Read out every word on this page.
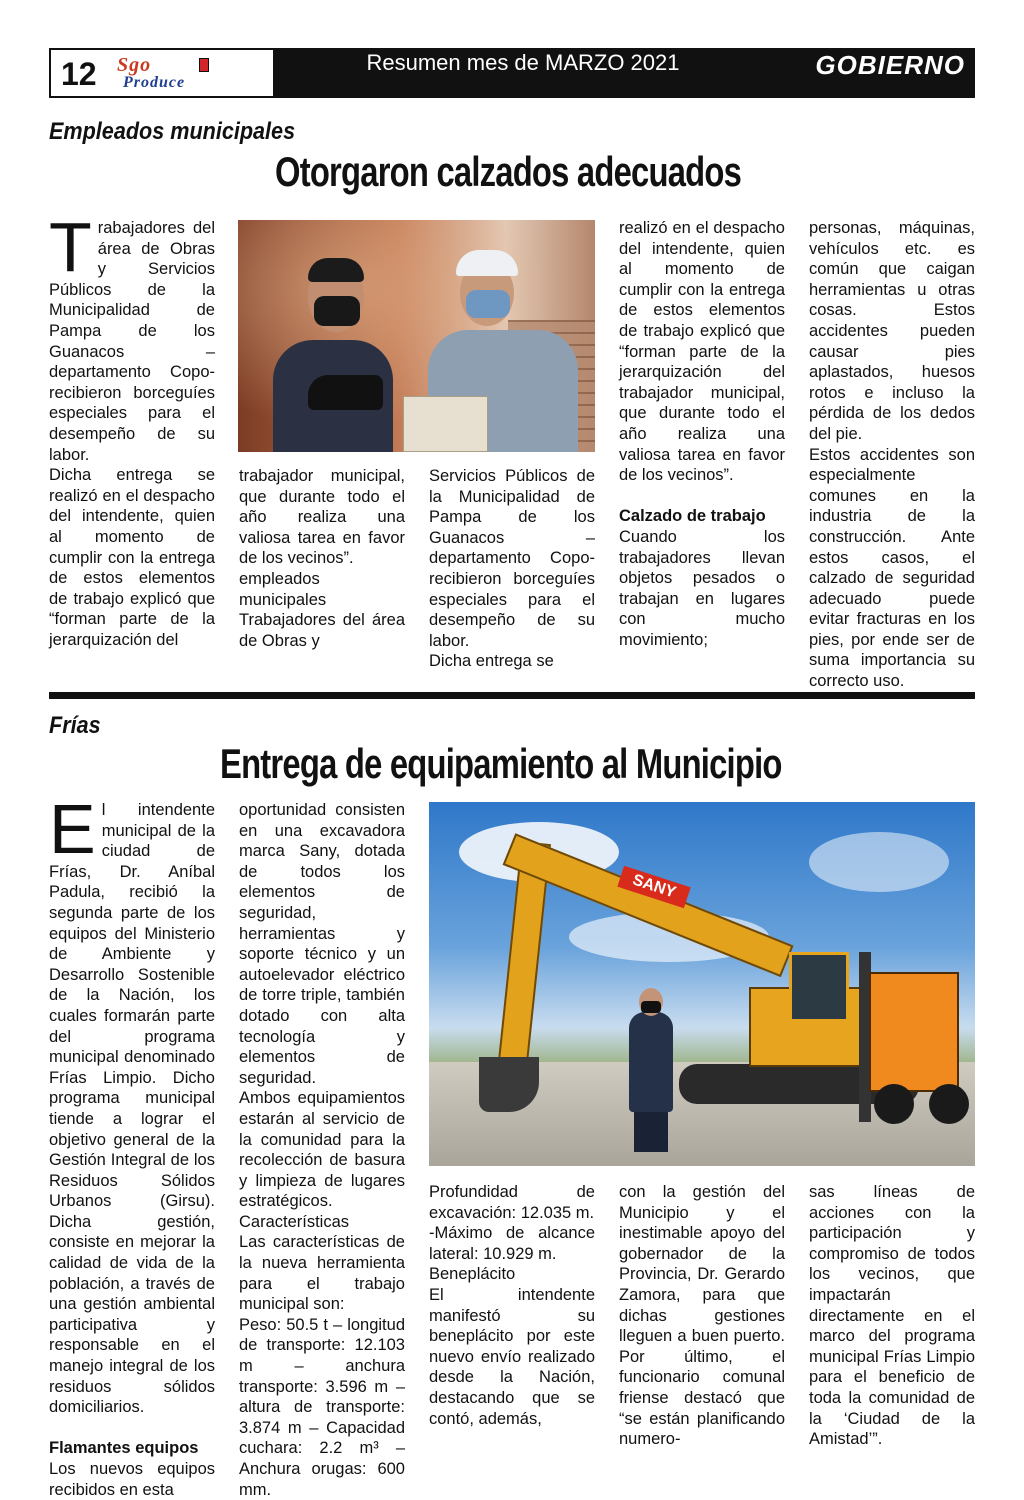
12 Sgo
Produce
Resumen mes de MARZO 2021	GOBIERNO
Empleados municipales
Otorgaron calzados adecuados
T rabajadores del área de Obras y Servicios Públicos de la Municipalidad de Pampa de los Guanacos –departamento Copo- recibieron borceguíes especiales para el desempeño de su labor.

Dicha entrega se realizó en el despacho del intendente, quien al momento de cumplir con la entrega de estos elementos de trabajo explicó que “forman parte de la jerarquización del

trabajador municipal, que durante todo el año realiza una valiosa tarea en favor de los vecinos”.

empleados municipales

Trabajadores del área de Obras y

Servicios Públicos de la Municipalidad de Pampa de los Guanacos –departamento Copo- recibieron borceguíes especiales para el desempeño de su labor.

Dicha entrega se

realizó en el despacho del intendente, quien al momento de cumplir con la entrega de estos elementos de trabajo explicó que “forman parte de la jerarquización del trabajador municipal, que durante todo el año realiza una valiosa tarea en favor de los vecinos”.

Calzado de trabajo

Cuando los trabajadores llevan objetos pesados o trabajan en lugares con mucho movimiento;

personas, máquinas, vehículos etc. es común que caigan herramientas u otras cosas. Estos accidentes pueden causar pies aplastados, huesos rotos e incluso la pérdida de los dedos del pie.

Estos accidentes son especialmente comunes en la industria de la construcción. Ante estos casos, el calzado de seguridad adecuado puede evitar fracturas en los pies, por ende ser de suma importancia su correcto uso.

Frías
Entrega de equipamiento al Municipio
E l intendente municipal de la ciudad de Frías, Dr. Aníbal Padula, recibió la segunda parte de los equipos del Ministerio de Ambiente y Desarrollo Sostenible de la Nación, los cuales formarán parte del programa municipal denominado Frías Limpio. Dicho programa municipal tiende a lograr el objetivo general de la Gestión Integral de los Residuos Sólidos Urbanos (Girsu). Dicha gestión, consiste en mejorar la calidad de vida de la población, a través de una gestión ambiental participativa y responsable en el manejo integral de los residuos sólidos domiciliarios.

Flamantes equipos

Los nuevos equipos recibidos en esta

oportunidad consisten en una excavadora marca Sany, dotada de todos los elementos de seguridad, herramientas y soporte técnico y un autoelevador eléctrico de torre triple, también dotado con alta tecnología y elementos de seguridad.

Ambos equipamientos estarán al servicio de la comunidad para la recolección de basura y limpieza de lugares estratégicos.

Características

Las características de la nueva herramienta para el trabajo municipal son:

Peso: 50.5 t – longitud de transporte: 12.103 m – anchura transporte: 3.596 m – altura de transporte: 3.874 m – Capacidad cuchara: 2.2 m³ – Anchura orugas: 600 mm.

SANY

Profundidad de excavación: 12.035 m.

-Máximo de alcance lateral: 10.929 m.

Beneplácito

El intendente manifestó su beneplácito por este nuevo envío realizado desde la Nación, destacando que se contó, además,

con la gestión del Municipio y el inestimable apoyo del gobernador de la Provincia, Dr. Gerardo Zamora, para que dichas gestiones lleguen a buen puerto. Por último, el funcionario comunal friense destacó que “se están planificando numero-

sas líneas de acciones con la participación y compromiso de todos los vecinos, que impactarán directamente en el marco del programa municipal Frías Limpio para el beneficio de toda la comunidad de la ‘Ciudad de la Amistad’”.
